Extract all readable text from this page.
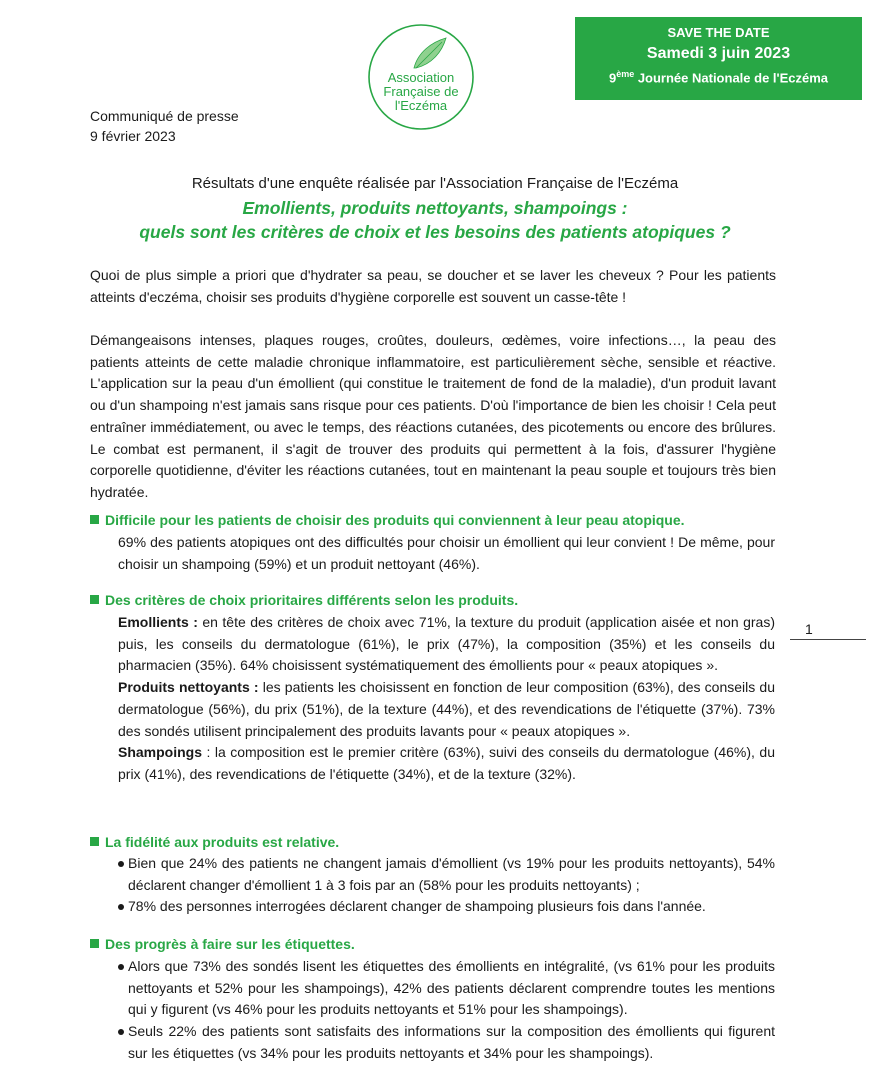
Association
Française de
l'Eczéma
SAVE THE DATE
Samedi 3 juin 2023
9ème Journée Nationale de l'Eczéma
Communiqué de presse
9 février 2023
Résultats d'une enquête réalisée par l'Association Française de l'Eczéma
Emollients, produits nettoyants, shampoings :
quels sont les critères de choix et les besoins des patients atopiques ?
Quoi de plus simple a priori que d'hydrater sa peau, se doucher et se laver les cheveux ? Pour les patients atteints d'eczéma, choisir ses produits d'hygiène corporelle est souvent un casse-tête !
Démangeaisons intenses, plaques rouges, croûtes, douleurs, œdèmes, voire infections…, la peau des patients atteints de cette maladie chronique inflammatoire, est particulièrement sèche, sensible et réactive. L'application sur la peau d'un émollient (qui constitue le traitement de fond de la maladie), d'un produit lavant ou d'un shampoing n'est jamais sans risque pour ces patients. D'où l'importance de bien les choisir ! Cela peut entraîner immédiatement, ou avec le temps, des réactions cutanées, des picotements ou encore des brûlures. Le combat est permanent, il s'agit de trouver des produits qui permettent à la fois, d'assurer l'hygiène corporelle quotidienne, d'éviter les réactions cutanées, tout en maintenant la peau souple et toujours très bien hydratée.
Difficile pour les patients de choisir des produits qui conviennent à leur peau atopique.
69% des patients atopiques ont des difficultés pour choisir un émollient qui leur convient ! De même, pour choisir un shampoing (59%) et un produit nettoyant (46%).
Des critères de choix prioritaires différents selon les produits.

Emollients : en tête des critères de choix avec 71%, la texture du produit (application aisée et non gras) puis, les conseils du dermatologue (61%), le prix (47%), la composition (35%) et les conseils du pharmacien (35%). 64% choisissent systématiquement des émollients pour « peaux atopiques ».

Produits nettoyants : les patients les choisissent en fonction de leur composition (63%), des conseils du dermatologue (56%), du prix (51%), de la texture (44%), et des revendications de l'étiquette (37%). 73% des sondés utilisent principalement des produits lavants pour « peaux atopiques ».

Shampoings : la composition est le premier critère (63%), suivi des conseils du dermatologue (46%), du prix (41%), des revendications de l'étiquette (34%), et de la texture (32%).

La fidélité aux produits est relative.
Bien que 24% des patients ne changent jamais d'émollient (vs 19% pour les produits nettoyants), 54% déclarent changer d'émollient 1 à 3 fois par an (58% pour les produits nettoyants) ;
78% des personnes interrogées déclarent changer de shampoing plusieurs fois dans l'année.
Des progrès à faire sur les étiquettes.
Alors que 73% des sondés lisent les étiquettes des émollients en intégralité, (vs 61% pour les produits nettoyants et 52% pour les shampoings), 42% des patients déclarent comprendre toutes les mentions qui y figurent (vs 46% pour les produits nettoyants et 51% pour les shampoings).
Seuls 22% des patients sont satisfaits des informations sur la composition des émollients qui figurent sur les étiquettes (vs 34% pour les produits nettoyants et 34% pour les shampoings).
1
